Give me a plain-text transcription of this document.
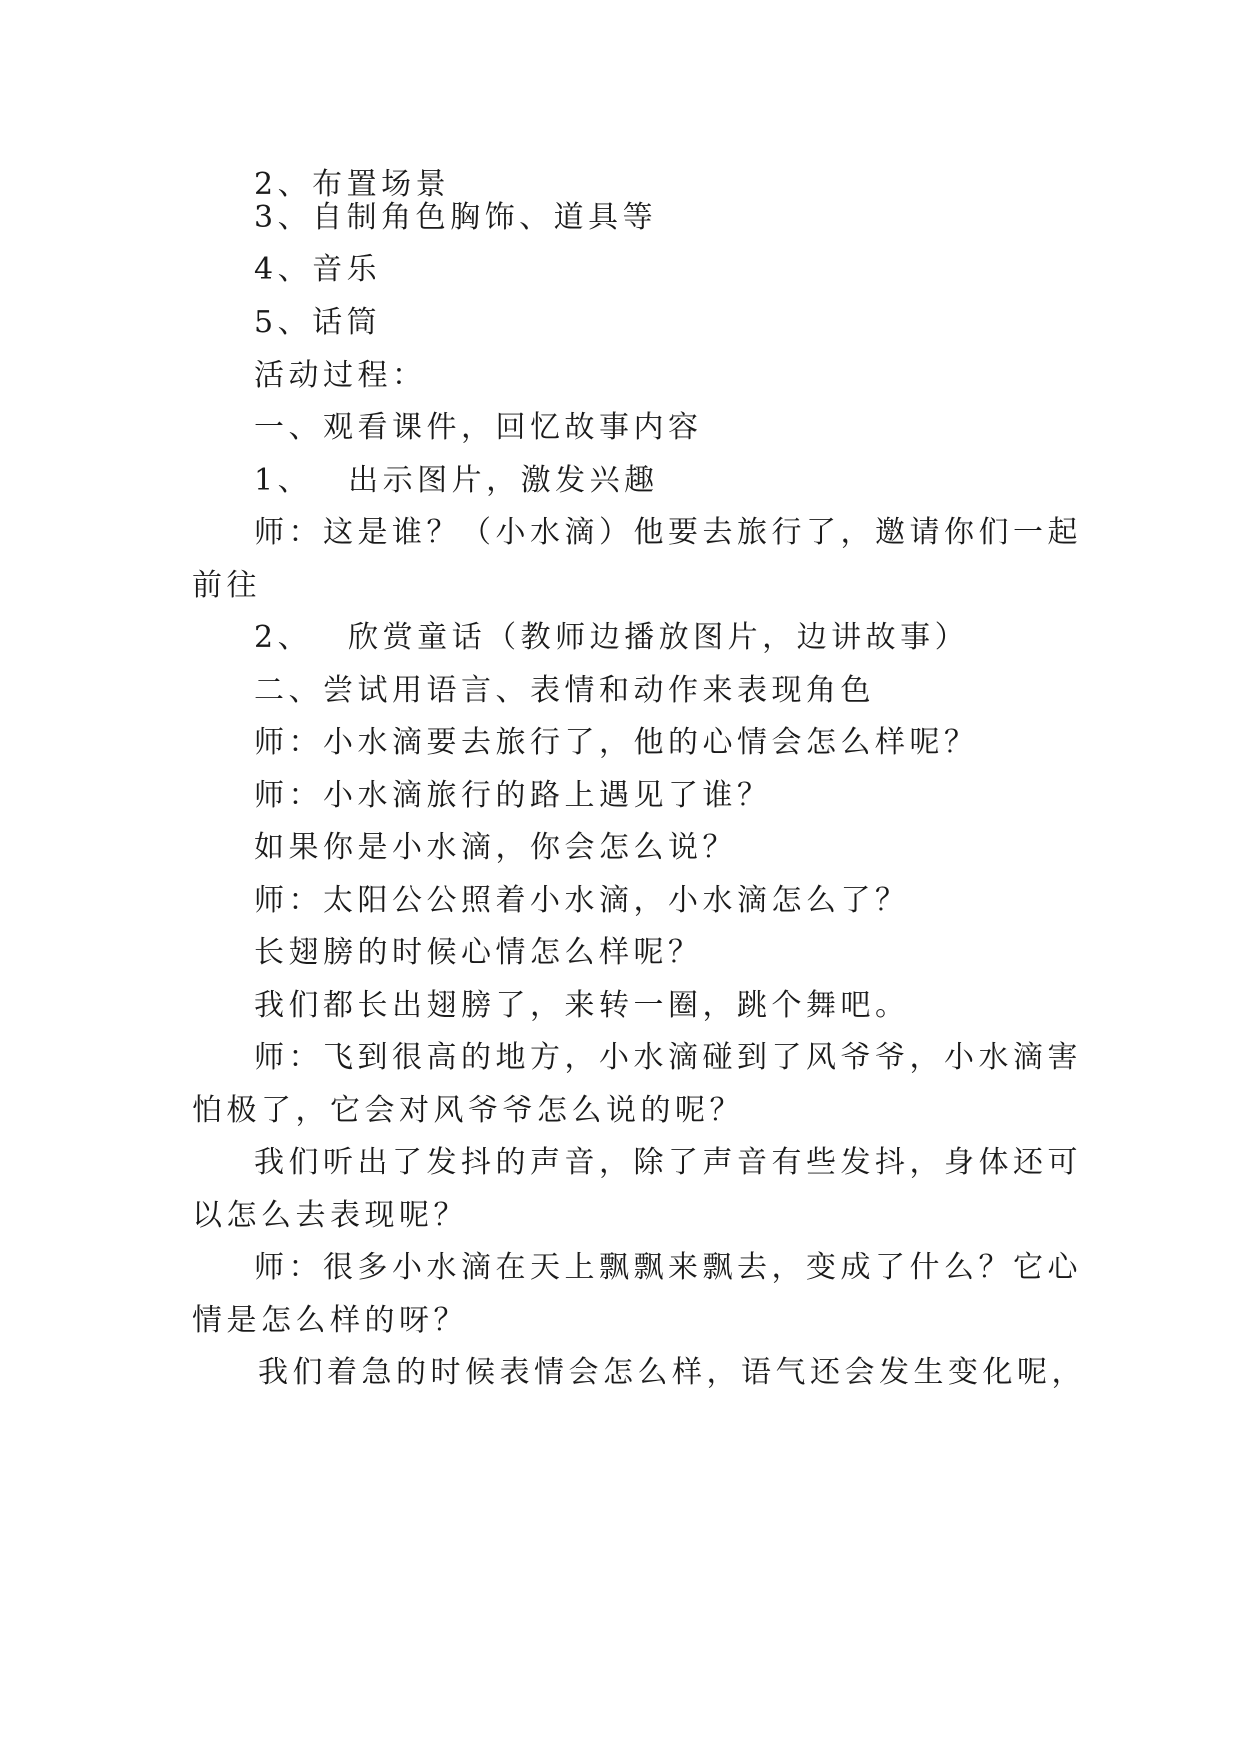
2、布置场景
3、自制角色胸饰、道具等
4、音乐
5、话筒
活动过程：
一、观看课件，回忆故事内容
1、 出示图片，激发兴趣
师：这是谁？（小水滴）他要去旅行了，邀请你们一起
前往
2、 欣赏童话（教师边播放图片，边讲故事）
二、尝试用语言、表情和动作来表现角色
师：小水滴要去旅行了，他的心情会怎么样呢？
师：小水滴旅行的路上遇见了谁？
如果你是小水滴，你会怎么说？
师：太阳公公照着小水滴，小水滴怎么了？
长翅膀的时候心情怎么样呢？
我们都长出翅膀了，来转一圈，跳个舞吧。
师：飞到很高的地方，小水滴碰到了风爷爷，小水滴害
怕极了，它会对风爷爷怎么说的呢？
我们听出了发抖的声音，除了声音有些发抖，身体还可
以怎么去表现呢？
师：很多小水滴在天上飘飘来飘去，变成了什么？它心
情是怎么样的呀？
我们着急的时候表情会怎么样，语气还会发生变化呢，
